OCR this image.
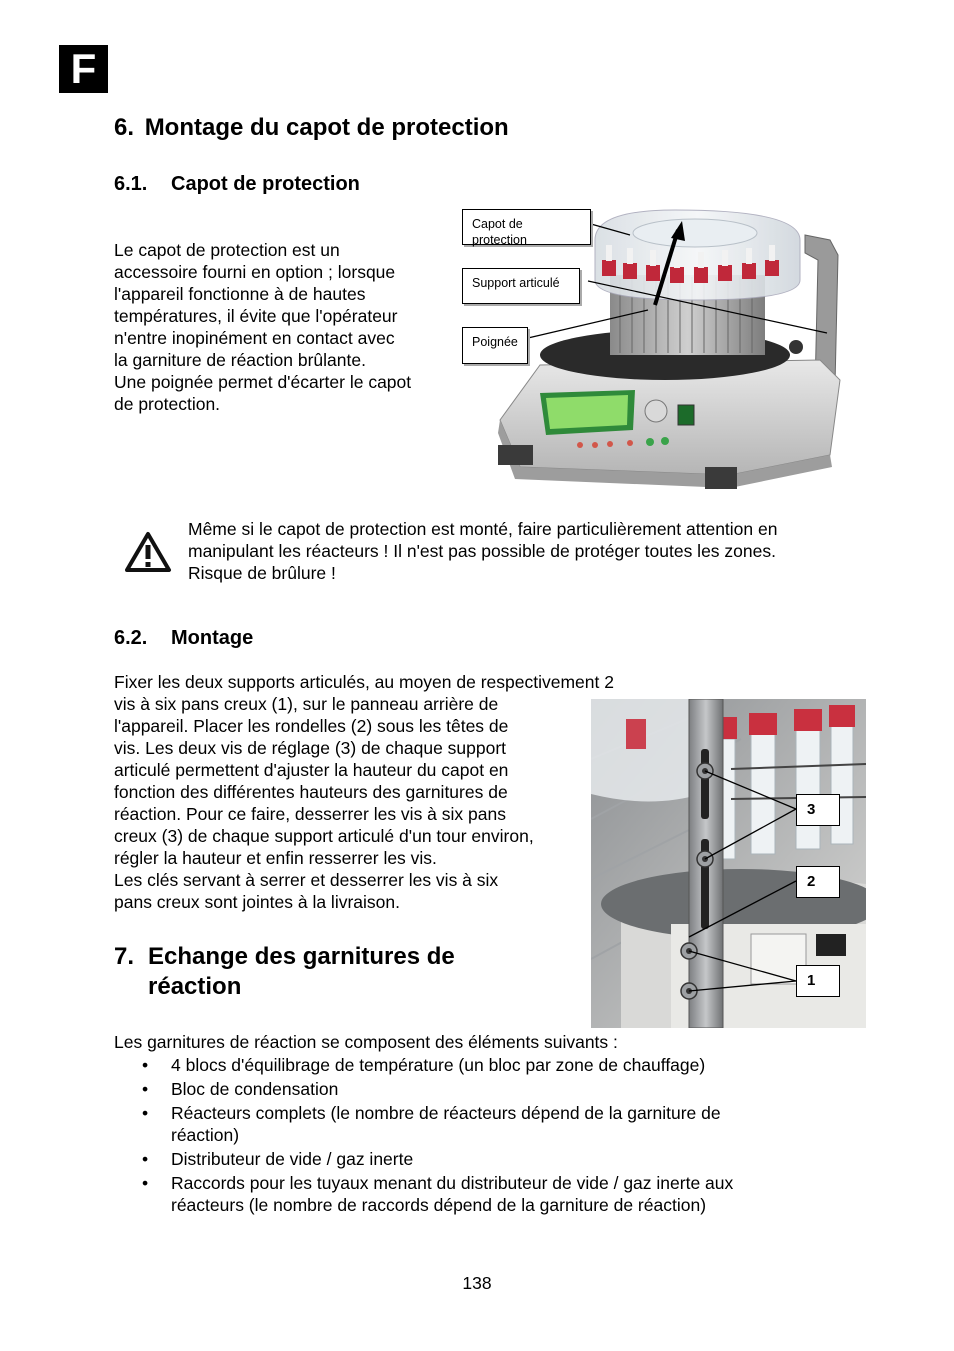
F
6. Montage du capot de protection
6.1. Capot de protection
Le capot de protection est un
accessoire fourni en option ; lorsque
l'appareil fonctionne à de hautes
températures, il évite que l'opérateur
n'entre inopinément en contact avec
la garniture de réaction brûlante.
Une poignée permet d'écarter le capot
de protection.
Capot de protection
Support articulé
Poignée
Même si le capot de protection est monté, faire particulièrement attention en
manipulant les réacteurs ! Il n'est pas possible de protéger toutes les zones.
Risque de brûlure !
6.2. Montage
Fixer les deux supports articulés, au moyen de respectivement 2
vis à six pans creux (1), sur le panneau arrière de
l'appareil. Placer les rondelles (2) sous les têtes de
vis. Les deux vis de réglage (3) de chaque support
articulé permettent d'ajuster la hauteur du capot en
fonction des différentes hauteurs des garnitures de
réaction. Pour ce faire, desserrer les vis à six pans
creux (3) de chaque support articulé d'un tour environ,
régler la hauteur et enfin resserrer les vis.
Les clés servant à serrer et desserrer les vis à six
pans creux sont jointes à la livraison.
3
2
1
7. Echange des garnitures de
réaction
Les garnitures de réaction se composent des éléments suivants :
• 4 blocs d'équilibrage de température (un bloc par zone de chauffage)
• Bloc de condensation
• Réacteurs complets (le nombre de réacteurs dépend de la garniture de
réaction)
• Distributeur de vide / gaz inerte
• Raccords pour les tuyaux menant du distributeur de vide / gaz inerte aux
réacteurs (le nombre de raccords dépend de la garniture de réaction)
138
